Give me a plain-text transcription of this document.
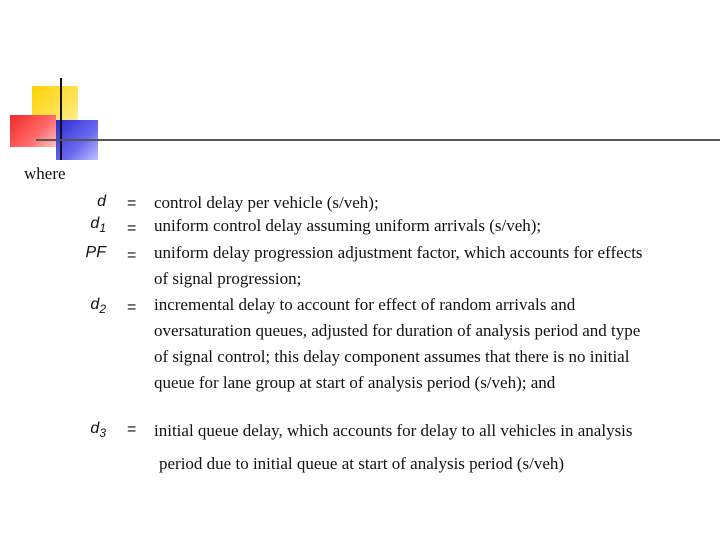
where
d = control delay per vehicle (s/veh);
$d_1$ = uniform control delay assuming uniform arrivals (s/veh);
PF = uniform delay progression adjustment factor, which accounts for effects
of signal progression;
$d_2$ = incremental delay to account for effect of random arrivals and
oversaturation queues, adjusted for duration of analysis period and type
of signal control; this delay component assumes that there is no initial
queue for lane group at start of analysis period (s/veh); and
$d_3$ = initial queue delay, which accounts for delay to all vehicles in analysis
period due to initial queue at start of analysis period (s/veh)
